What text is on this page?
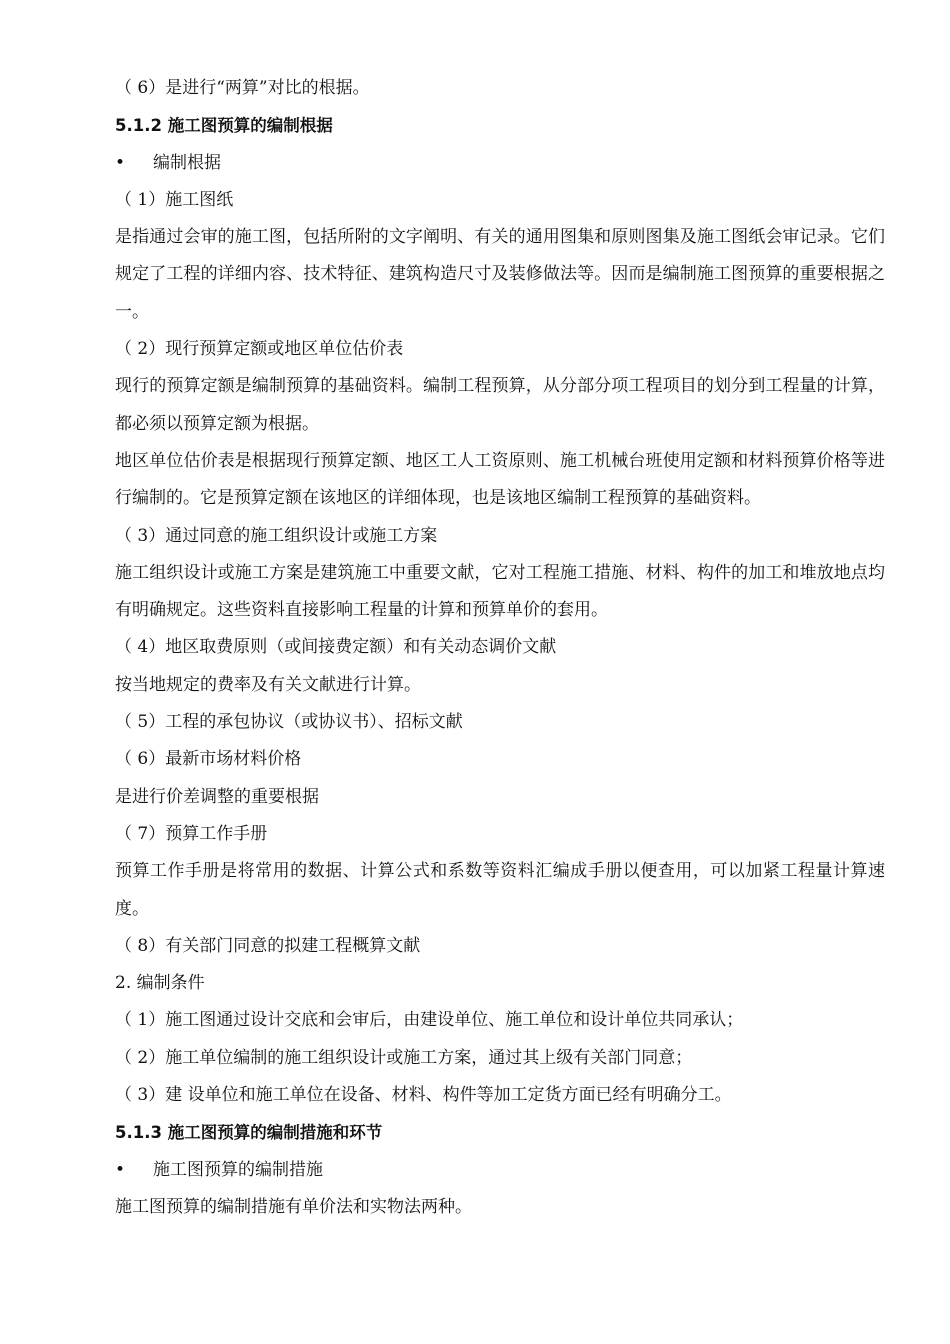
（ 6）是进行“两算”对比的根据。
5.1.2 施工图预算的编制根据
• 编制根据
（ 1）施工图纸
是指通过会审的施工图，包括所附的文字阐明、有关的通用图集和原则图集及施工图纸会审记录。它们规定了工程的详细内容、技术特征、建筑构造尺寸及装修做法等。因而是编制施工图预算的重要根据之一。
（ 2）现行预算定额或地区单位估价表
现行的预算定额是编制预算的基础资料。编制工程预算，从分部分项工程项目的划分到工程量的计算，都必须以预算定额为根据。
地区单位估价表是根据现行预算定额、地区工人工资原则、施工机械台班使用定额和材料预算价格等进行编制的。它是预算定额在该地区的详细体现，也是该地区编制工程预算的基础资料。
（ 3）通过同意的施工组织设计或施工方案
施工组织设计或施工方案是建筑施工中重要文献，它对工程施工措施、材料、构件的加工和堆放地点均有明确规定。这些资料直接影响工程量的计算和预算单价的套用。
（ 4）地区取费原则（或间接费定额）和有关动态调价文献
按当地规定的费率及有关文献进行计算。
（ 5）工程的承包协议（或协议书）、招标文献
（ 6）最新市场材料价格
是进行价差调整的重要根据
（ 7）预算工作手册
预算工作手册是将常用的数据、计算公式和系数等资料汇编成手册以便查用，可以加紧工程量计算速度。
（ 8）有关部门同意的拟建工程概算文献
2. 编制条件
（ 1）施工图通过设计交底和会审后，由建设单位、施工单位和设计单位共同承认；
（ 2）施工单位编制的施工组织设计或施工方案，通过其上级有关部门同意；
（ 3）建 设单位和施工单位在设备、材料、构件等加工定货方面已经有明确分工。
5.1.3 施工图预算的编制措施和环节
• 施工图预算的编制措施
施工图预算的编制措施有单价法和实物法两种。
